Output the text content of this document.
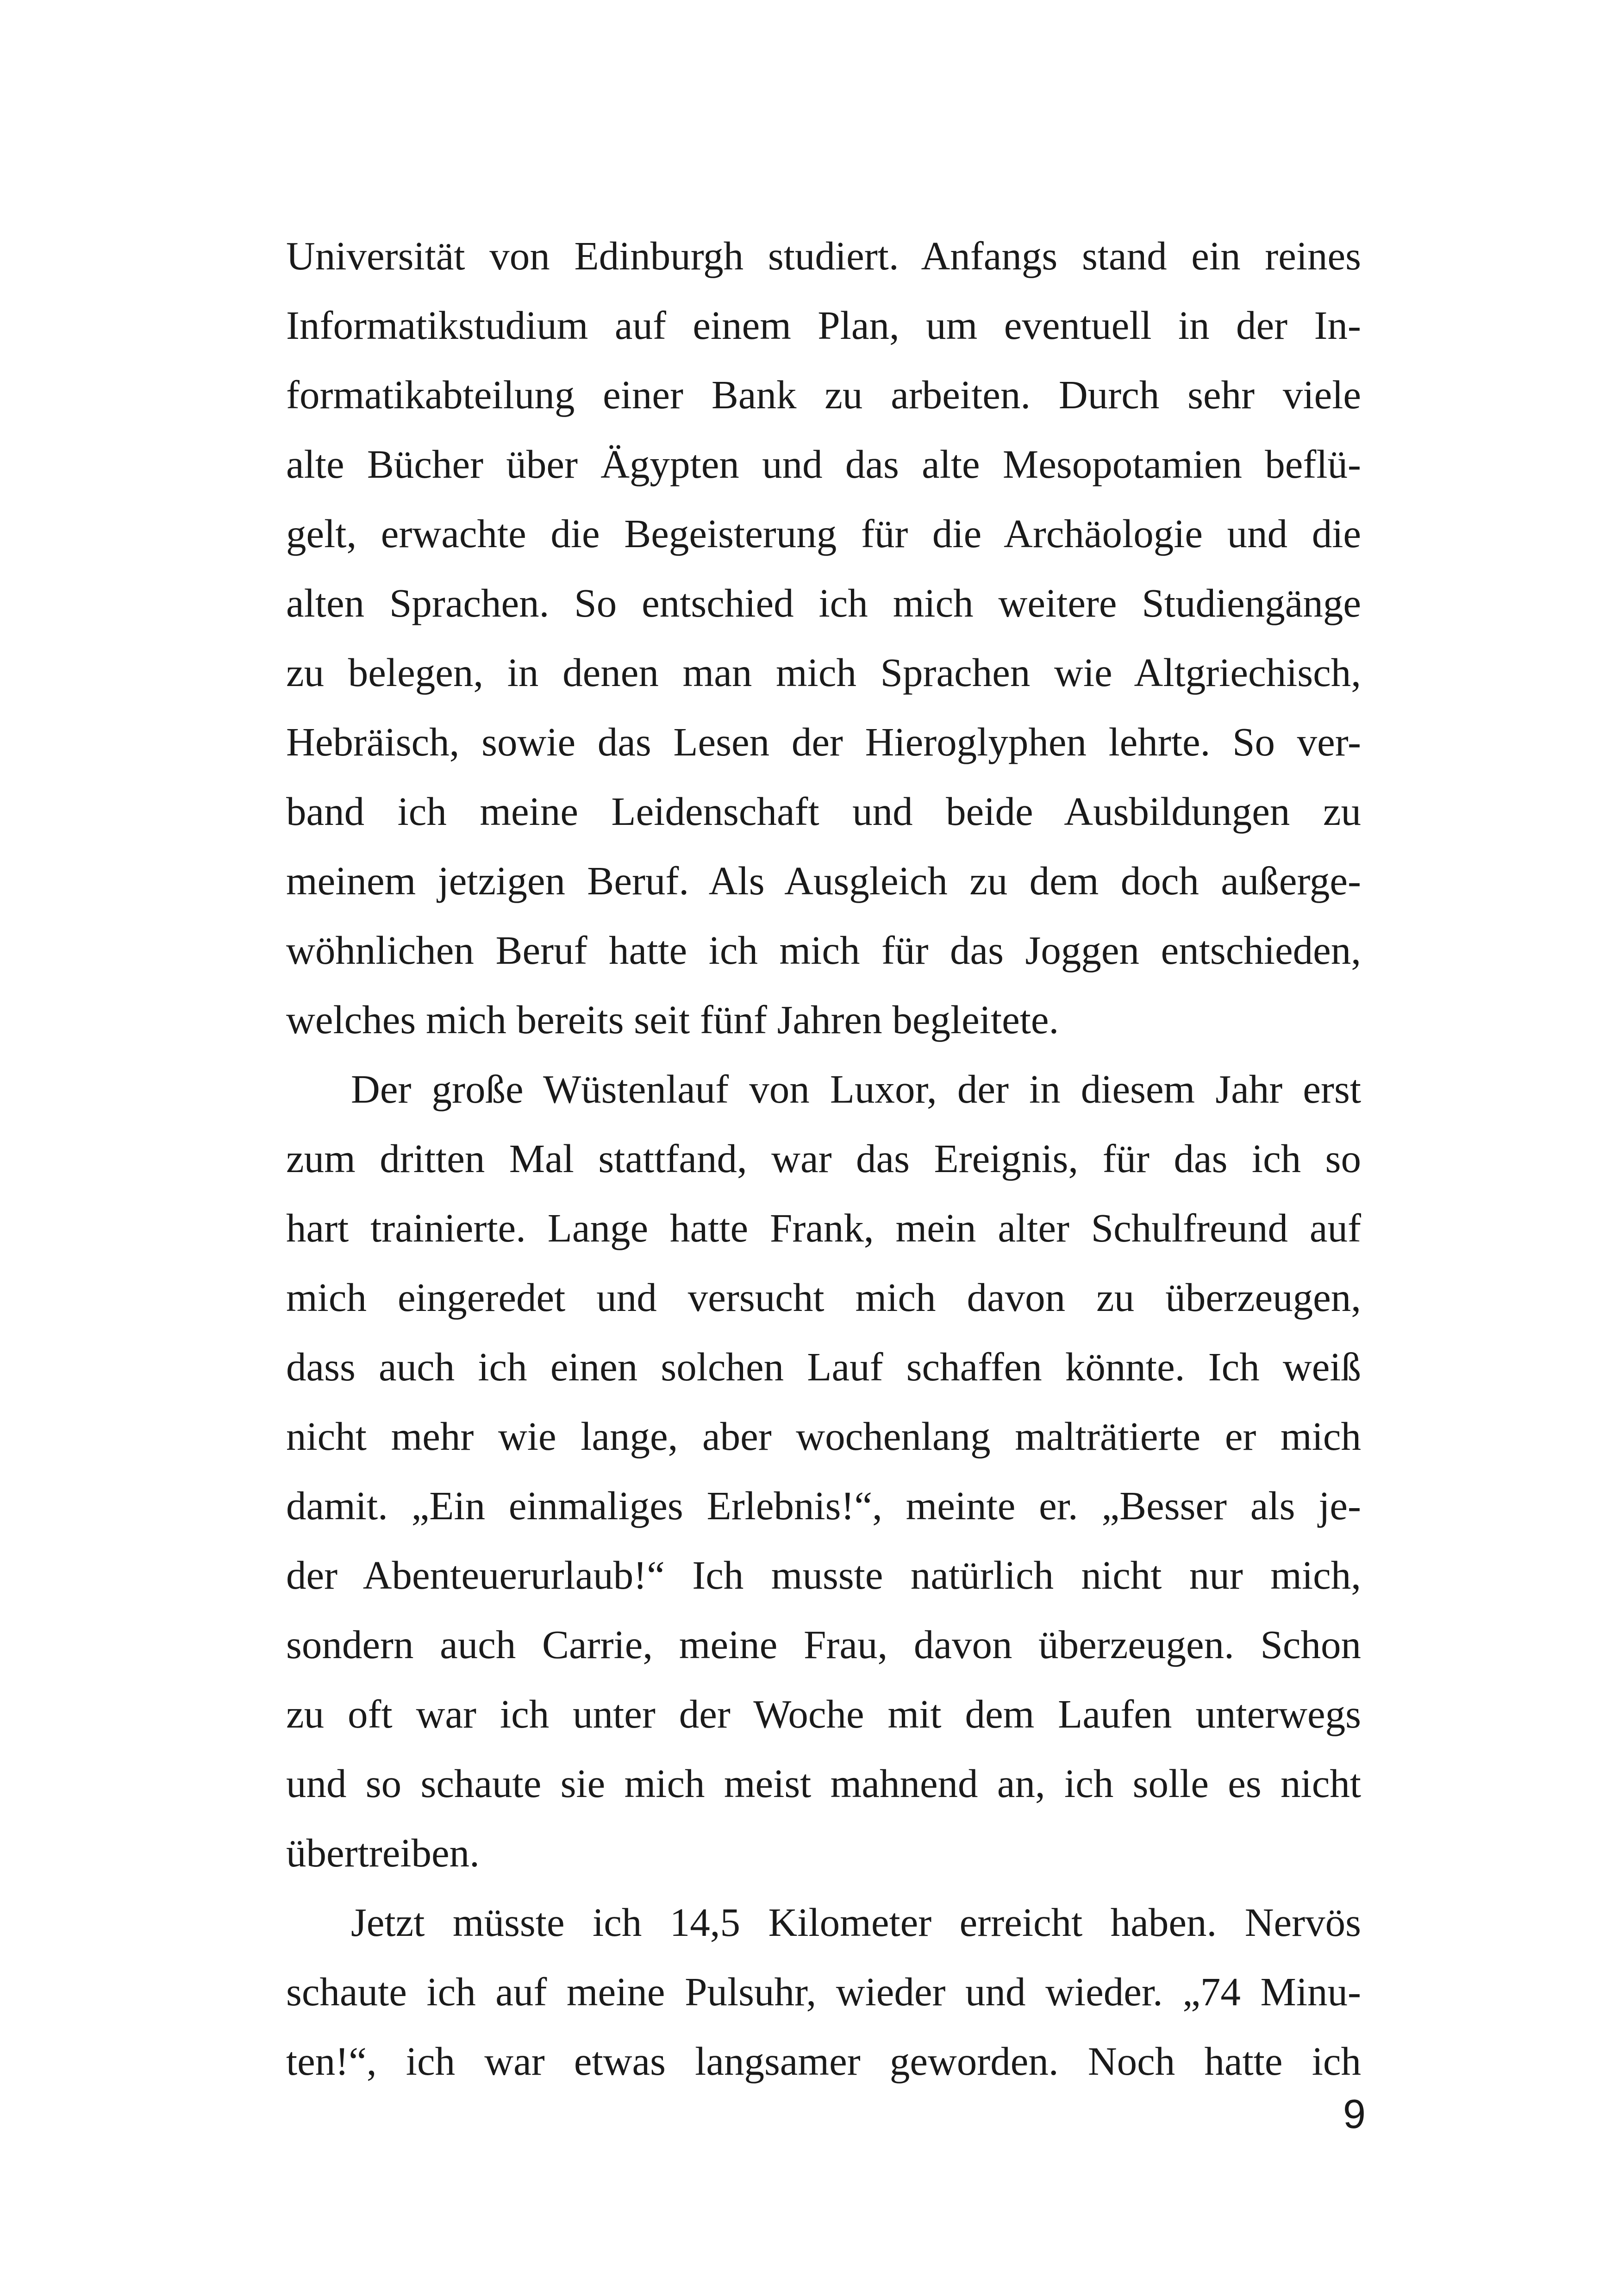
Universität von Edinburgh studiert. Anfangs stand ein reines
Informatikstudium auf einem Plan, um eventuell in der In-
formatikabteilung einer Bank zu arbeiten. Durch sehr viele
alte Bücher über Ägypten und das alte Mesopotamien beflü-
gelt, erwachte die Begeisterung für die Archäologie und die
alten Sprachen. So entschied ich mich weitere Studiengänge
zu belegen, in denen man mich Sprachen wie Altgriechisch,
Hebräisch, sowie das Lesen der Hieroglyphen lehrte. So ver-
band ich meine Leidenschaft und beide Ausbildungen zu
meinem jetzigen Beruf. Als Ausgleich zu dem doch außerge-
wöhnlichen Beruf hatte ich mich für das Joggen entschieden,
welches mich bereits seit fünf Jahren begleitete.
Der große Wüstenlauf von Luxor, der in diesem Jahr erst
zum dritten Mal stattfand, war das Ereignis, für das ich so
hart trainierte. Lange hatte Frank, mein alter Schulfreund auf
mich eingeredet und versucht mich davon zu überzeugen,
dass auch ich einen solchen Lauf schaffen könnte. Ich weiß
nicht mehr wie lange, aber wochenlang malträtierte er mich
damit. „Ein einmaliges Erlebnis!“, meinte er. „Besser als je-
der Abenteuerurlaub!“ Ich musste natürlich nicht nur mich,
sondern auch Carrie, meine Frau, davon überzeugen. Schon
zu oft war ich unter der Woche mit dem Laufen unterwegs
und so schaute sie mich meist mahnend an, ich solle es nicht
übertreiben.
Jetzt müsste ich 14,5 Kilometer erreicht haben. Nervös
schaute ich auf meine Pulsuhr, wieder und wieder. „74 Minu-
ten!“, ich war etwas langsamer geworden. Noch hatte ich
9
